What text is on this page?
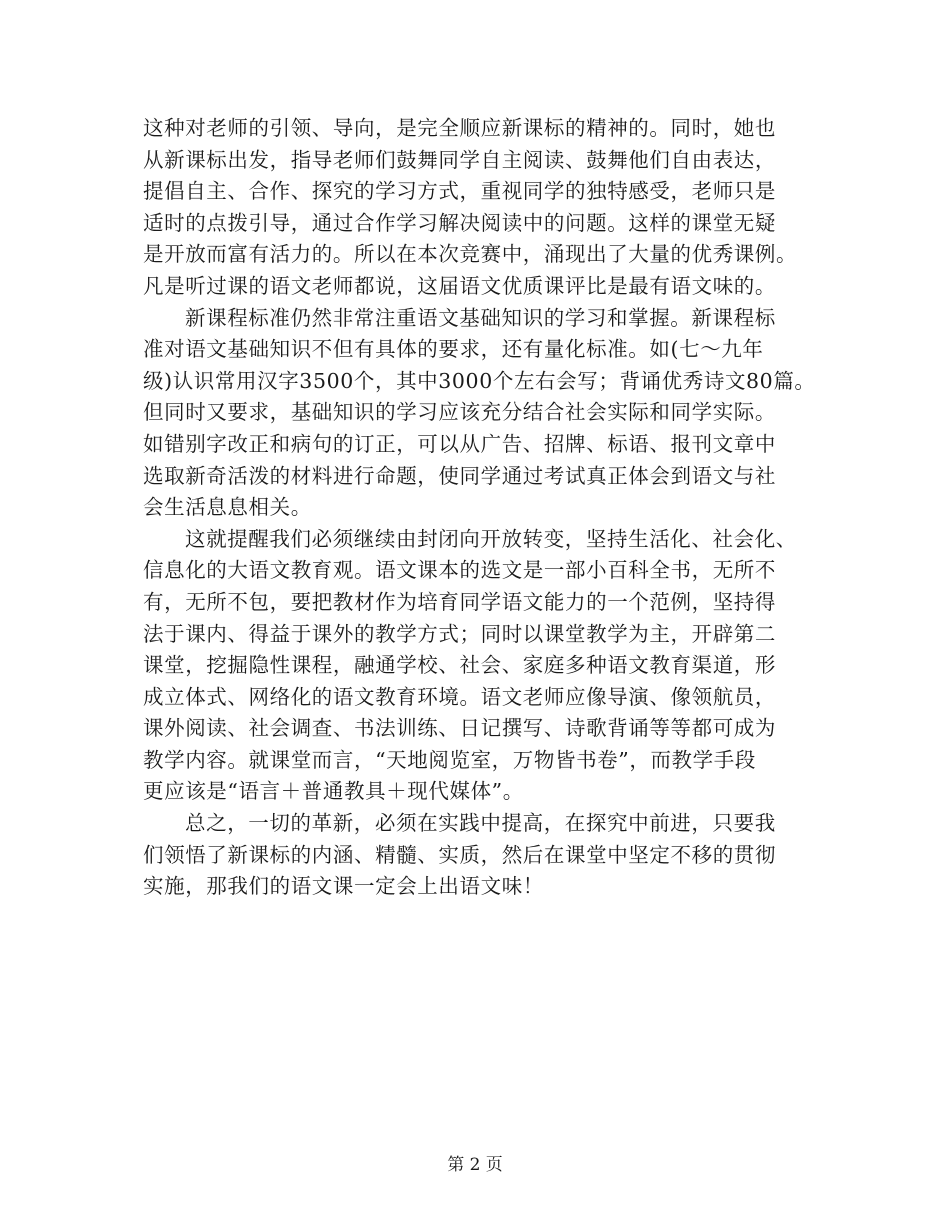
这种对老师的引领、导向，是完全顺应新课标的精神的。同时，她也
从新课标出发，指导老师们鼓舞同学自主阅读、鼓舞他们自由表达，
提倡自主、合作、探究的学习方式，重视同学的独特感受，老师只是
适时的点拨引导，通过合作学习解决阅读中的问题。这样的课堂无疑
是开放而富有活力的。所以在本次竞赛中，涌现出了大量的优秀课例。
凡是听过课的语文老师都说，这届语文优质课评比是最有语文味的。
新课程标准仍然非常注重语文基础知识的学习和掌握。新课程标
准对语文基础知识不但有具体的要求，还有量化标准。如(七～九年
级)认识常用汉字3500个，其中3000个左右会写；背诵优秀诗文80篇。
但同时又要求，基础知识的学习应该充分结合社会实际和同学实际。
如错别字改正和病句的订正，可以从广告、招牌、标语、报刊文章中
选取新奇活泼的材料进行命题，使同学通过考试真正体会到语文与社
会生活息息相关。
这就提醒我们必须继续由封闭向开放转变，坚持生活化、社会化、
信息化的大语文教育观。语文课本的选文是一部小百科全书，无所不
有，无所不包，要把教材作为培育同学语文能力的一个范例，坚持得
法于课内、得益于课外的教学方式；同时以课堂教学为主，开辟第二
课堂，挖掘隐性课程，融通学校、社会、家庭多种语文教育渠道，形
成立体式、网络化的语文教育环境。语文老师应像导演、像领航员，
课外阅读、社会调查、书法训练、日记撰写、诗歌背诵等等都可成为
教学内容。就课堂而言，“天地阅览室，万物皆书卷”，而教学手段
更应该是“语言＋普通教具＋现代媒体”。
总之，一切的革新，必须在实践中提高，在探究中前进，只要我
们领悟了新课标的内涵、精髓、实质，然后在课堂中坚定不移的贯彻
实施，那我们的语文课一定会上出语文味！
第 2 页
